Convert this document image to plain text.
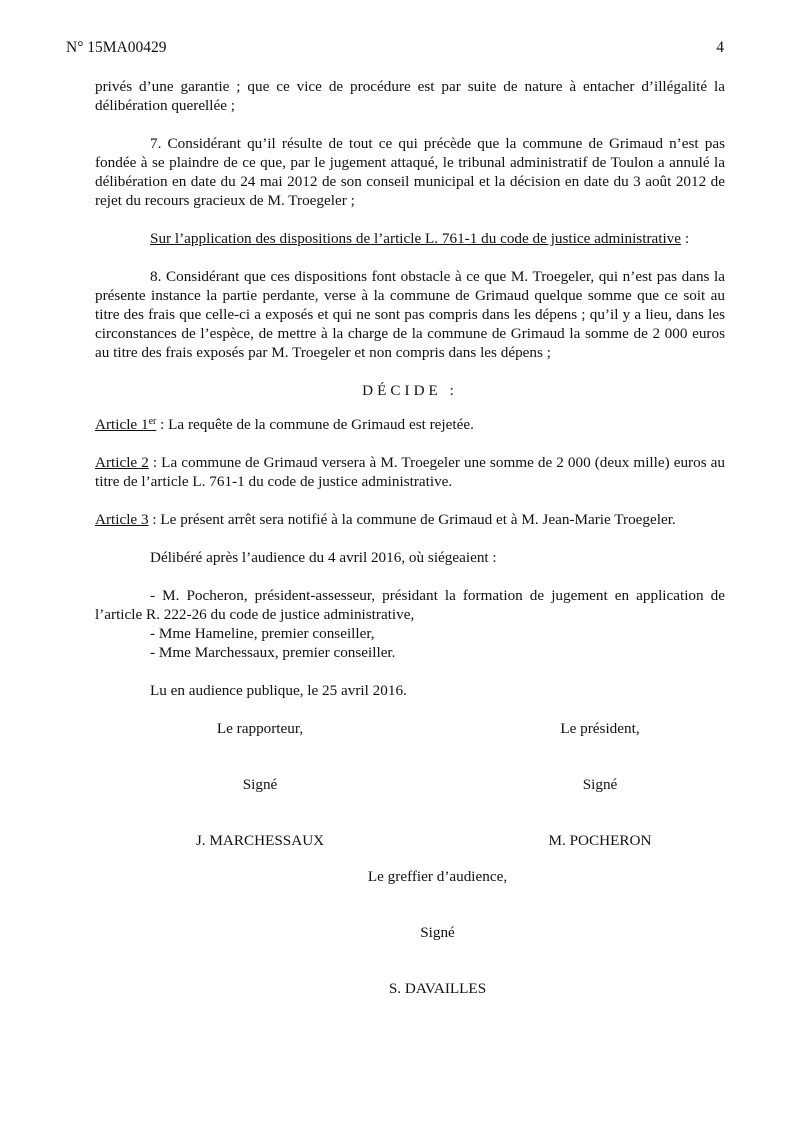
N° 15MA00429	4

privés d’une garantie ; que ce vice de procédure est par suite de nature à entacher d’illégalité la délibération querellée ;

7. Considérant qu’il résulte de tout ce qui précède que la commune de Grimaud n’est pas fondée à se plaindre de ce que, par le jugement attaqué, le tribunal administratif de Toulon a annulé la délibération en date du 24 mai 2012 de son conseil municipal et la décision en date du 3 août 2012 de rejet du recours gracieux de M. Troegeler ;

Sur l’application des dispositions de l’article L. 761-1 du code de justice administrative :

8. Considérant que ces dispositions font obstacle à ce que M. Troegeler, qui n’est pas dans la présente instance la partie perdante, verse à la commune de Grimaud quelque somme que ce soit au titre des frais que celle-ci a exposés et qui ne sont pas compris dans les dépens ; qu’il y a lieu, dans les circonstances de l’espèce, de mettre à la charge de la commune de Grimaud la somme de 2 000 euros au titre des frais exposés par M. Troegeler et non compris dans les dépens ;

DÉCIDE :

Article 1er : La requête de la commune de Grimaud est rejetée.

Article 2 : La commune de Grimaud versera à M. Troegeler une somme de 2 000 (deux mille) euros au titre de l’article L. 761-1 du code de justice administrative.

Article 3 : Le présent arrêt sera notifié à la commune de Grimaud et à M. Jean-Marie Troegeler.

Délibéré après l’audience du 4 avril 2016, où siégeaient :

- M. Pocheron, président-assesseur, présidant la formation de jugement en application de l’article R. 222-26 du code de justice administrative,

- Mme Hameline, premier conseiller,

- Mme Marchessaux, premier conseiller.

Lu en audience publique, le 25 avril 2016.

Le rapporteur,	Le président,
Signé	Signé
J. MARCHESSAUX	M. POCHERON

Le greffier d’audience,

Signé

S. DAVAILLES
